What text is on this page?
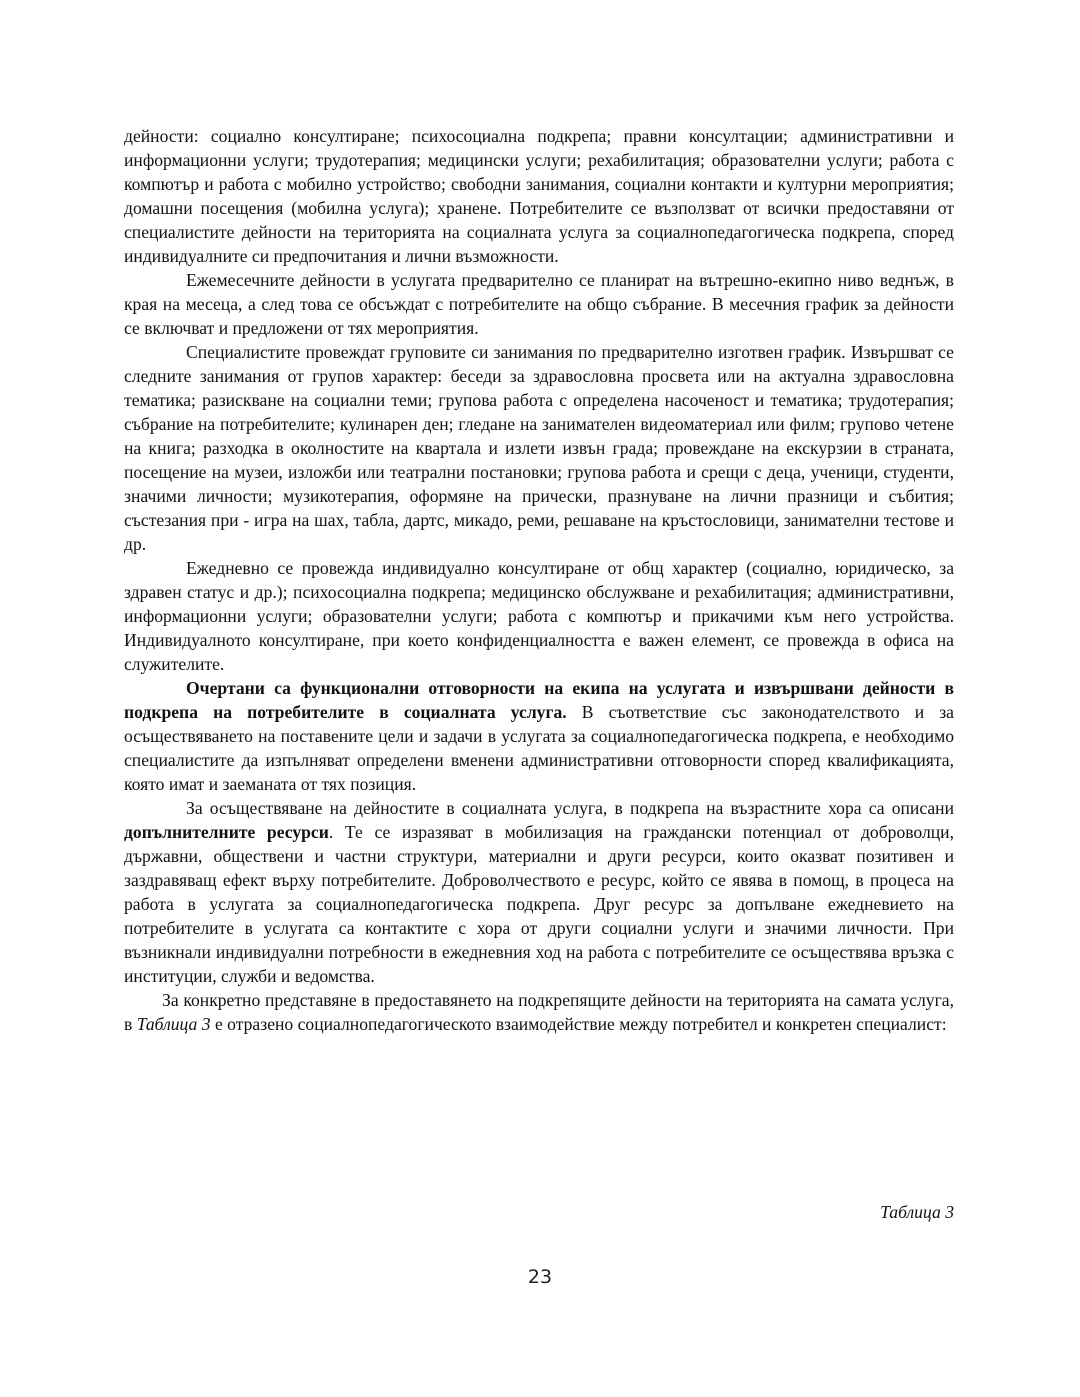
дейности: социално консултиране; психосоциална подкрепа; правни консултации; административни и информационни услуги; трудотерапия; медицински услуги; рехабилитация; образователни услуги; работа с компютър и работа с мобилно устройство; свободни занимания, социални контакти и културни мероприятия; домашни посещения (мобилна услуга); хранене. Потребителите се възползват от всички предоставяни от специалистите дейности на територията на социалната услуга за социалнопедагогическа подкрепа, според индивидуалните си предпочитания и лични възможности.

Ежемесечните дейности в услугата предварително се планират на вътрешно-екипно ниво веднъж, в края на месеца, а след това се обсъждат с потребителите на общо събрание. В месечния график за дейности се включват и предложени от тях мероприятия.

Специалистите провеждат груповите си занимания по предварително изготвен график. Извършват се следните занимания от групов характер: беседи за здравословна просвета или на актуална здравословна тематика; разискване на социални теми; групова работа с определена насоченост и тематика; трудотерапия; събрание на потребителите; кулинарен ден; гледане на занимателен видеоматериал или филм; групово четене на книга; разходка в околностите на квартала и излети извън града; провеждане на екскурзии в страната, посещение на музеи, изложби или театрални постановки; групова работа и срещи с деца, ученици, студенти, значими личности; музикотерапия, оформяне на прически, празнуване на лични празници и събития; състезания при - игра на шах, табла, дартс, микадо, реми, решаване на кръстословици, занимателни тестове и др.

Ежедневно се провежда индивидуално консултиране от общ характер (социално, юридическо, за здравен статус и др.); психосоциална подкрепа; медицинско обслужване и рехабилитация; административни, информационни услуги; образователни услуги; работа с компютър и прикачими към него устройства. Индивидуалното консултиране, при което конфиденциалността е важен елемент, се провежда в офиса на служителите.

Очертани са функционални отговорности на екипа на услугата и извършвани дейности в подкрепа на потребителите в социалната услуга. В съответствие със законодателството и за осъществяването на поставените цели и задачи в услугата за социалнопедагогическа подкрепа, е необходимо специалистите да изпълняват определени вменени административни отговорности според квалификацията, която имат и заеманата от тях позиция.

За осъществяване на дейностите в социалната услуга, в подкрепа на възрастните хора са описани допълнителните ресурси. Те се изразяват в мобилизация на граждански потенциал от доброволци, държавни, обществени и частни структури, материални и други ресурси, които оказват позитивен и заздравяващ ефект върху потребителите. Доброволчеството е ресурс, който се явява в помощ, в процеса на работа в услугата за социалнопедагогическа подкрепа. Друг ресурс за допълване ежедневието на потребителите в услугата са контактите с хора от други социални услуги и значими личности. При възникнали индивидуални потребности в ежедневния ход на работа с потребителите се осъществява връзка с институции, служби и ведомства.

За конкретно представяне в предоставянето на подкрепящите дейности на територията на самата услуга, в Таблица 3 е отразено социалнопедагогическото взаимодействие между потребител и конкретен специалист:

Таблица 3
23
